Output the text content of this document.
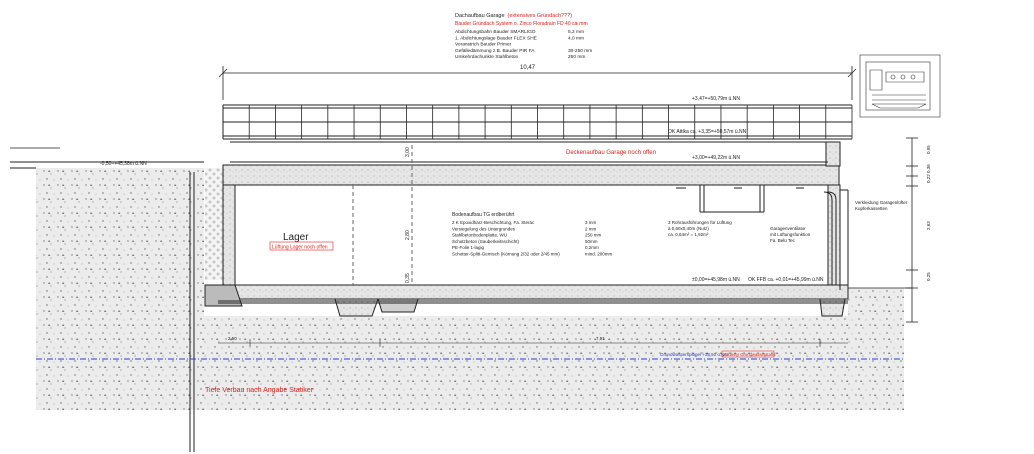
Dachaufbau Garage (extensives Gründach???)
Bauder Gründach System o. Zinco Floradrain FD 40 ca.
~ mm
Abdichtungsbahn Bauder SMARLIGO	5,2 mm
1. Abdichtungslage Bauder FLEX SHE	4,0 mm
Voranstrich Bauder Primer
Gefälledämmung z.B. Bauder PIR FA	30-250 mm
Umkehrdachunkte Stahlbeton	250 mm
10,47
+3,47=+50,79m ü.NN
OK Attika ca. +3,35=+50,57m ü.NN
+3,00=+49,22m ü.NN
±0,00=+45,98m ü.NN OK FFB ca. +0,01=+45,99m ü.NN
-0,50=+45,38m ü.NN
Deckenaufbau Garage noch offen
3,00
2,80
0,35
Lager
Lüftung Lager noch offen
Bodenaufbau TG erdberührt
2 K Epoxidharz-Beschichtung, Fa. Sterac	3 mm
Versiegelung des Untergrundes	2 mm
Stahlbetonbodenplatte, WU	250 mm
Schutzbeton (Sauberkeitsschicht)	50mm
PE-Folie 1-lagig	0,2mm
Schotter-Splitt-Gemisch (Körnung 2/32 oder 2/45 mm)	mind. 200mm
3 Rohrausführungen für Lüftung
à 0,60x0,40m (Nutz)
ca. 0,64m² = 1,92m²
Garagenventilator
mit Lüftungsfunktion
Fa. Belü Tec
Verkleidung Garagenlüfter
Kupferkassetten
0,95
0,36
0,22
2,63
0,25
2,50	7,91
Grundwasserspiegel +38,50 ü.NN
mittlerer Grundwasserstand
Tiefe Verbau nach Angabe Statiker
